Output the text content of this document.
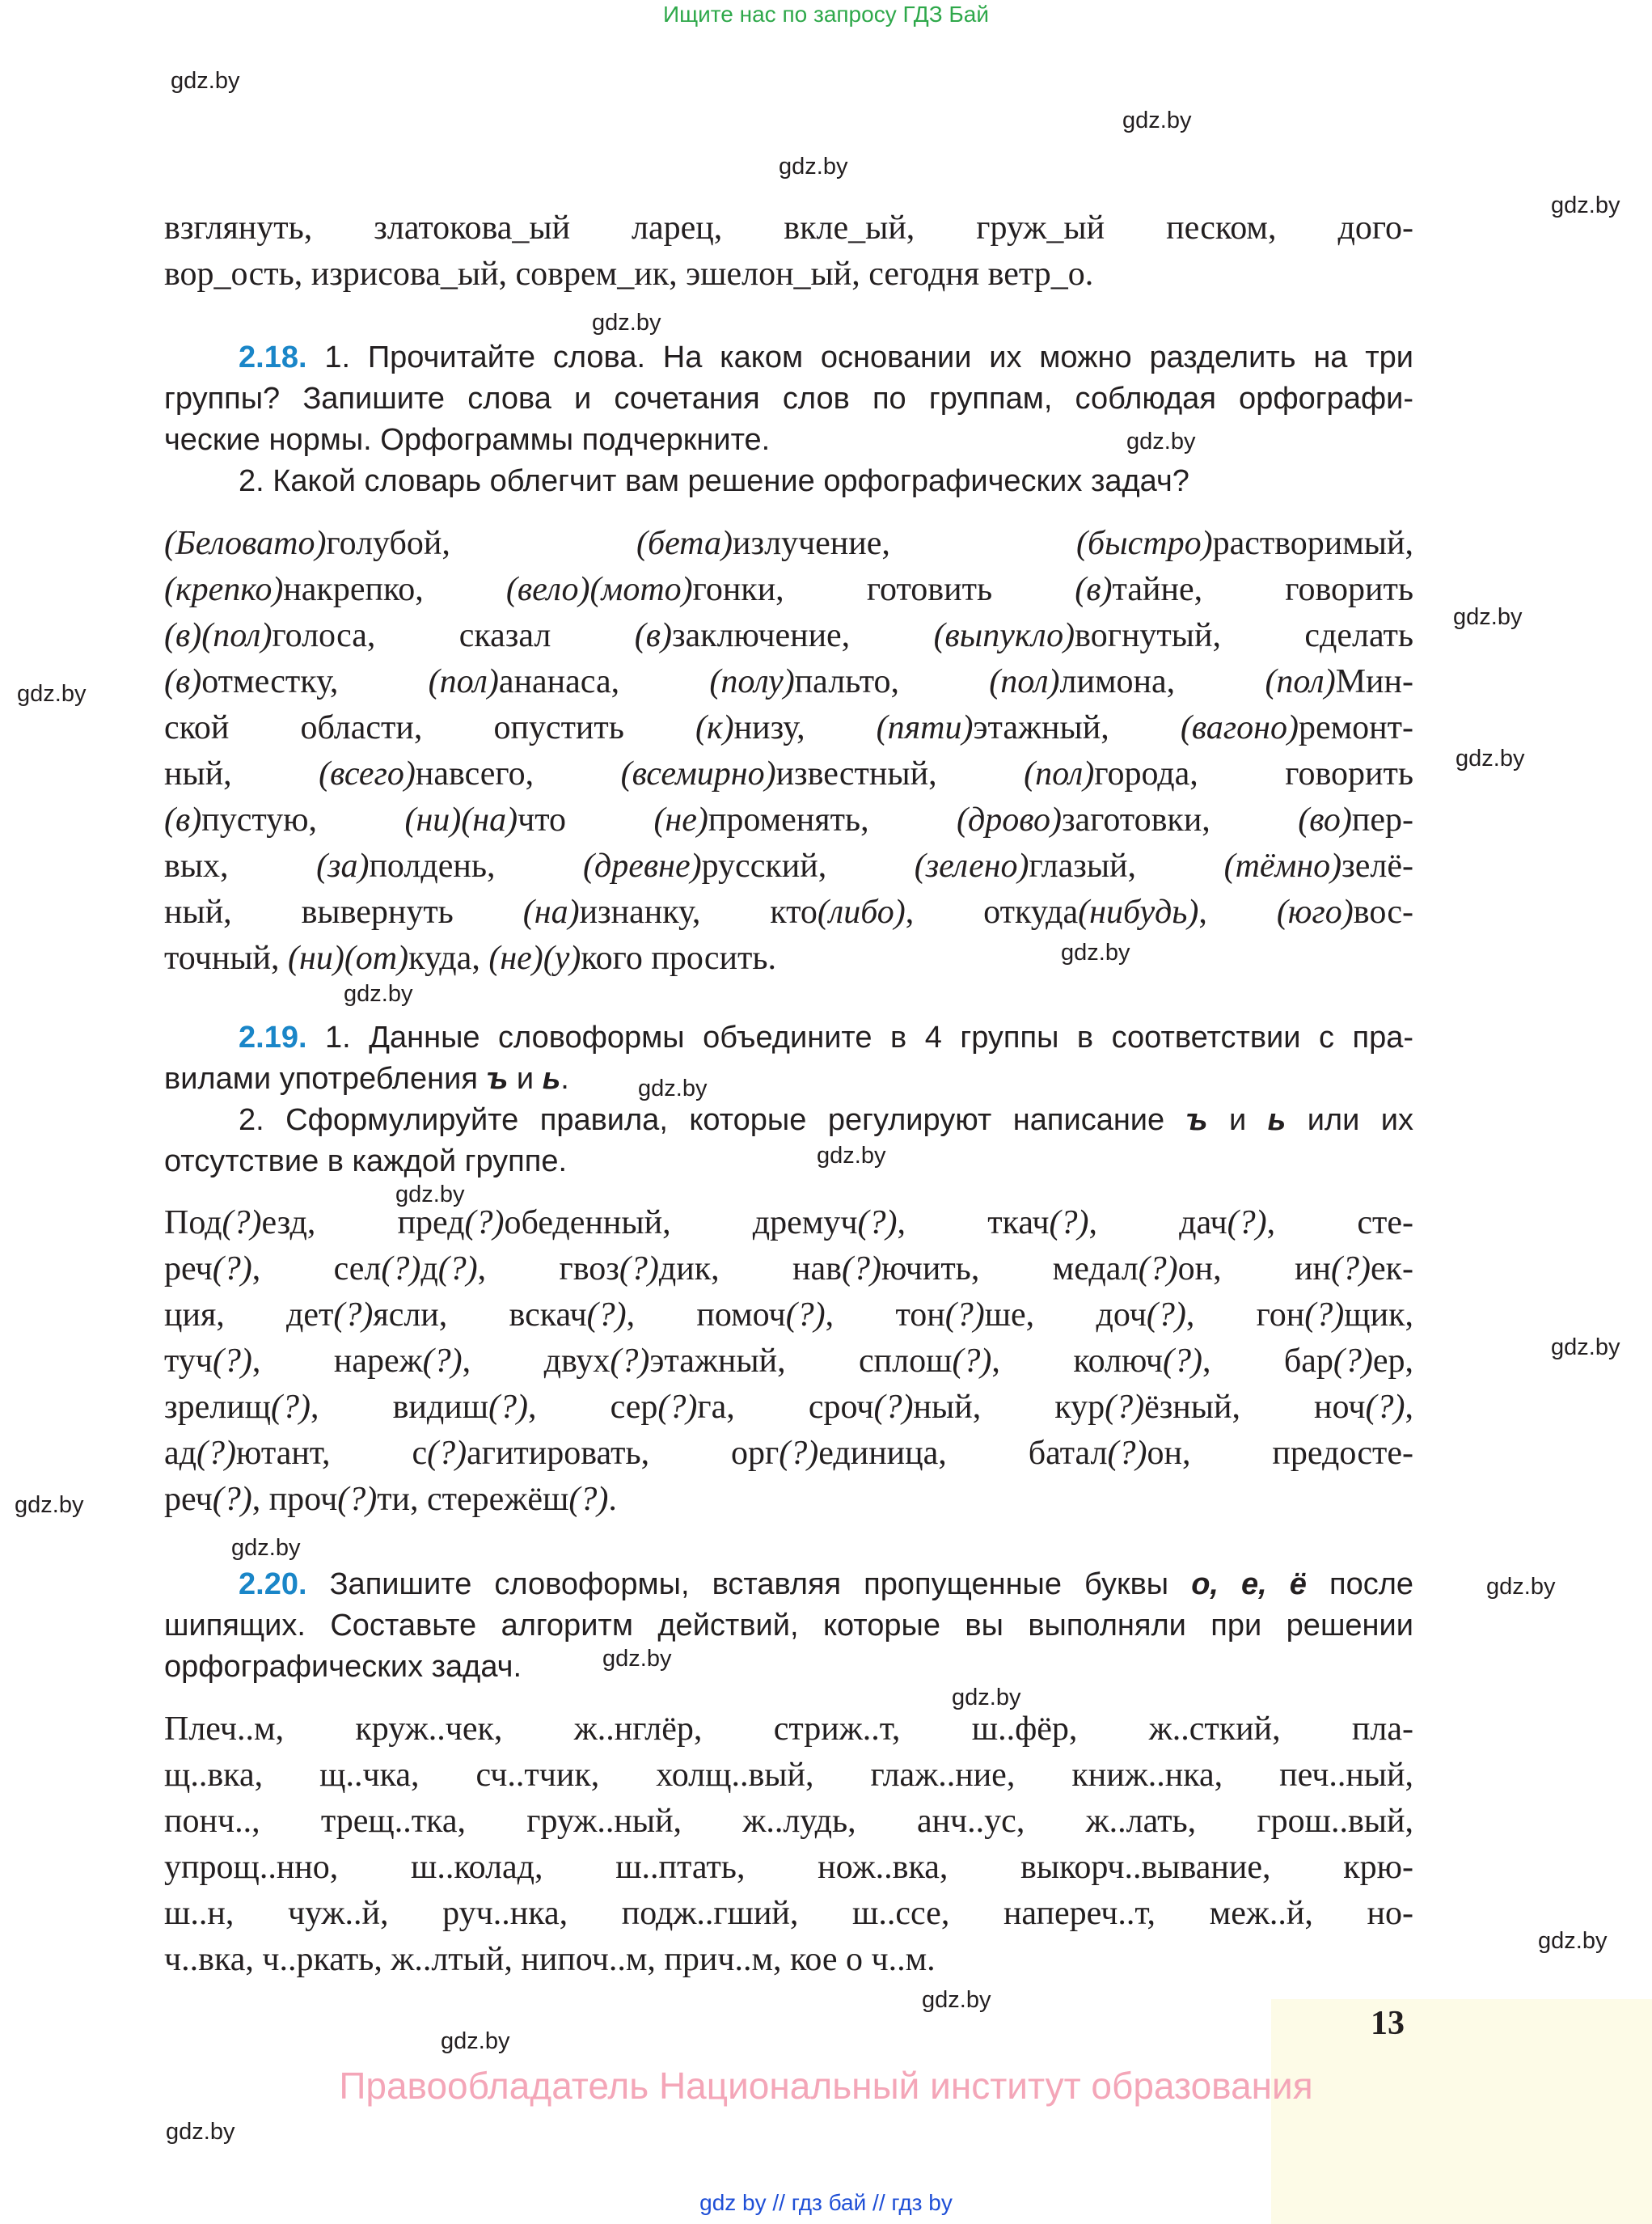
13
Ищите нас по запросу ГДЗ Бай
gdz.by
gdz.by
gdz.by
gdz.by
gdz.by
gdz.by
gdz.by
gdz.by
gdz.by
gdz.by
gdz.by
gdz.by
gdz.by
gdz.by
gdz.by
gdz.by
gdz.by
gdz.by
gdz.by
gdz.by
gdz.by
gdz.by
gdz.by
gdz.by
взглянуть, златокова_ый ларец, вкле_ый, груж_ый песком, дого-
вор_ость, изрисова_ый, соврем_ик, эшелон_ый, сегодня ветр_о.
2.18. 1. Прочитайте слова. На каком основании их можно разделить на три
группы? Запишите слова и сочетания слов по группам, соблюдая орфографи-
ческие нормы. Орфограммы подчеркните.
2. Какой словарь облегчит вам решение орфографических задач?
(Беловато)голубой, (бета)излучение, (быстро)растворимый,
(крепко)накрепко, (вело)(мото)гонки, готовить (в)тайне, говорить
(в)(пол)голоса, сказал (в)заключение, (выпукло)вогнутый, сделать
(в)отместку, (пол)ананаса, (полу)пальто, (пол)лимона, (пол)Мин-
ской области, опустить (к)низу, (пяти)этажный, (вагоно)ремонт-
ный, (всего)навсего, (всемирно)известный, (пол)города, говорить
(в)пустую, (ни)(на)что (не)променять, (дрово)заготовки, (во)пер-
вых, (за)полдень, (древне)русский, (зелено)глазый, (тёмно)зелё-
ный, вывернуть (на)изнанку, кто(либо), откуда(нибудь), (юго)вос-
точный, (ни)(от)куда, (не)(у)кого просить.
2.19. 1. Данные словоформы объедините в 4 группы в соответствии с пра-
вилами употребления ъ и ь.
2. Сформулируйте правила, которые регулируют написание ъ и ь или их
отсутствие в каждой группе.
Под(?)езд, пред(?)обеденный, дремуч(?), ткач(?), дач(?), сте-
реч(?), сел(?)д(?), гвоз(?)дик, нав(?)ючить, медал(?)он, ин(?)ек-
ция, дет(?)ясли, вскач(?), помоч(?), тон(?)ше, доч(?), гон(?)щик,
туч(?), нареж(?), двух(?)этажный, сплош(?), колюч(?), бар(?)ер,
зрелищ(?), видиш(?), сер(?)га, сроч(?)ный, кур(?)ёзный, ноч(?),
ад(?)ютант, с(?)агитировать, орг(?)единица, батал(?)он, предосте-
реч(?), проч(?)ти, стережёш(?).
2.20. Запишите словоформы, вставляя пропущенные буквы о, е, ё после
шипящих. Составьте алгоритм действий, которые вы выполняли при решении
орфографических задач.
Плеч..м, круж..чек, ж..нглёр, стриж..т, ш..фёр, ж..сткий, пла-
щ..вка, щ..чка, сч..тчик, холщ..вый, глаж..ние, книж..нка, печ..ный,
понч.., трещ..тка, груж..ный, ж..лудь, анч..ус, ж..лать, грош..вый,
упрощ..нно, ш..колад, ш..птать, нож..вка, выкорч..вывание, крю-
ш..н, чуж..й, руч..нка, подж..гший, ш..ссе, напереч..т, меж..й, но-
ч..вка, ч..ркать, ж..лтый, нипоч..м, прич..м, кое о ч..м.
Правообладатель Национальный институт образования
gdz by // гдз бай // гдз by
